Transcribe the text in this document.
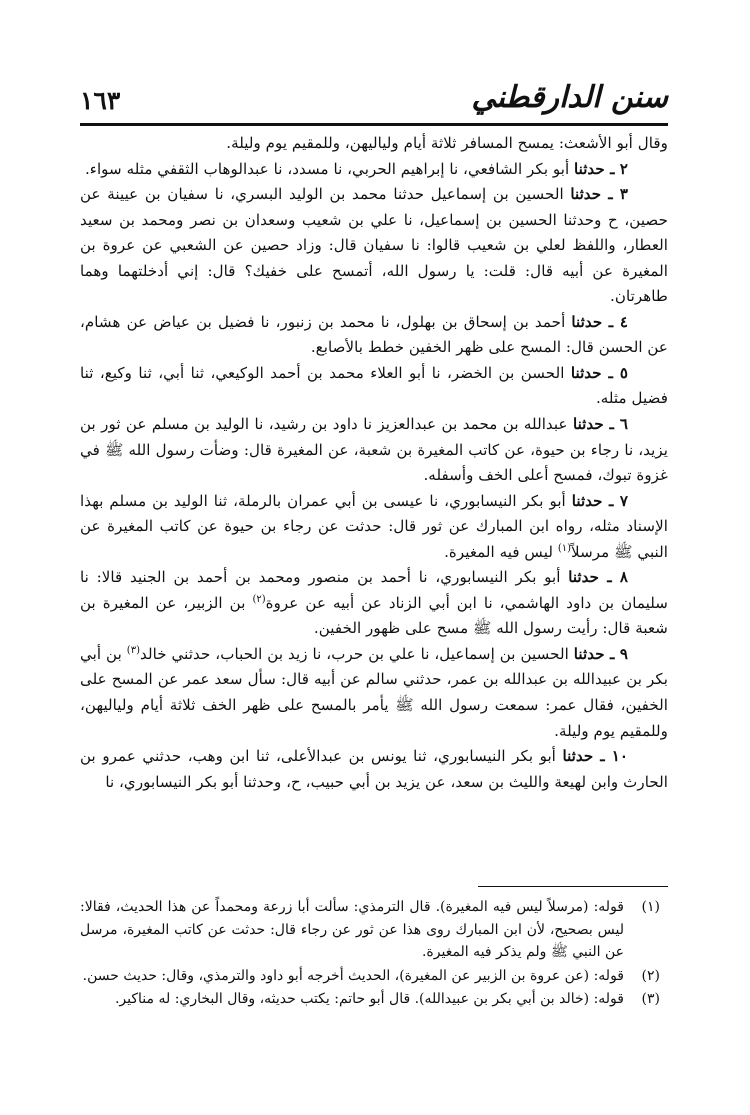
١٦٣	سنن الدارقطني

وقال أبو الأشعث: يمسح المسافر ثلاثة أيام ولياليهن، وللمقيم يوم وليلة.

٢ ـ حدثنا أبو بكر الشافعي، نا إبراهيم الحربي، نا مسدد، نا عبدالوهاب الثقفي مثله سواء.

٣ ـ حدثنا الحسين بن إسماعيل حدثنا محمد بن الوليد البسري، نا سفيان بن عيينة عن حصين، ح وحدثنا الحسين بن إسماعيل، نا علي بن شعيب وسعدان بن نصر ومحمد بن سعيد العطار، واللفظ لعلي بن شعيب قالوا: نا سفيان قال: وزاد حصين عن الشعبي عن عروة بن المغيرة عن أبيه قال: قلت: يا رسول الله، أتمسح على خفيك؟ قال: إني أدخلتهما وهما طاهرتان.

٤ ـ حدثنا أحمد بن إسحاق بن بهلول، نا محمد بن زنبور، نا فضيل بن عياض عن هشام، عن الحسن قال: المسح على ظهر الخفين خطط بالأصابع.

٥ ـ حدثنا الحسن بن الخضر، نا أبو العلاء محمد بن أحمد الوكيعي، ثنا أبي، ثنا وكيع، ثنا فضيل مثله.

٦ ـ حدثنا عبدالله بن محمد بن عبدالعزيز نا داود بن رشيد، نا الوليد بن مسلم عن ثور بن يزيد، نا رجاء بن حيوة، عن كاتب المغيرة بن شعبة، عن المغيرة قال: وضأت رسول الله ﷺ في غزوة تبوك، فمسح أعلى الخف وأسفله.

٧ ـ حدثنا أبو بكر النيسابوري، نا عيسى بن أبي عمران بالرملة، ثنا الوليد بن مسلم بهذا الإسناد مثله، رواه ابن المبارك عن ثور قال: حدثت عن رجاء بن حيوة عن كاتب المغيرة عن النبي ﷺ مرسلاً$^{(١)}$ ليس فيه المغيرة.

٨ ـ حدثنا أبو بكر النيسابوري، نا أحمد بن منصور ومحمد بن أحمد بن الجنيد قالا: نا سليمان بن داود الهاشمي، نا ابن أبي الزناد عن أبيه عن عروة$^{(٢)}$ بن الزبير، عن المغيرة بن شعبة قال: رأيت رسول الله ﷺ مسح على ظهور الخفين.

٩ ـ حدثنا الحسين بن إسماعيل، نا علي بن حرب، نا زيد بن الحباب، حدثني خالد$^{(٣)}$ بن أبي بكر بن عبيدالله بن عبدالله بن عمر، حدثني سالم عن أبيه قال: سأل سعد عمر عن المسح على الخفين، فقال عمر: سمعت رسول الله ﷺ يأمر بالمسح على ظهر الخف ثلاثة أيام ولياليهن، وللمقيم يوم وليلة.

١٠ ـ حدثنا أبو بكر النيسابوري، ثنا يونس بن عبدالأعلى، ثنا ابن وهب، حدثني عمرو بن الحارث وابن لهيعة والليث بن سعد، عن يزيد بن أبي حبيب، ح، وحدثنا أبو بكر النيسابوري، نا

(١)
قوله: (مرسلاً ليس فيه المغيرة). قال الترمذي: سألت أبا زرعة ومحمداً عن هذا الحديث، فقالا: ليس بصحيح، لأن ابن المبارك روى هذا عن ثور عن رجاء قال: حدثت عن كاتب المغيرة، مرسل عن النبي ﷺ ولم يذكر فيه المغيرة.

(٢)
قوله: (عن عروة بن الزبير عن المغيرة)، الحديث أخرجه أبو داود والترمذي، وقال: حديث حسن.

(٣)
قوله: (خالد بن أبي بكر بن عبيدالله). قال أبو حاتم: يكتب حديثه، وقال البخاري: له مناكير.
